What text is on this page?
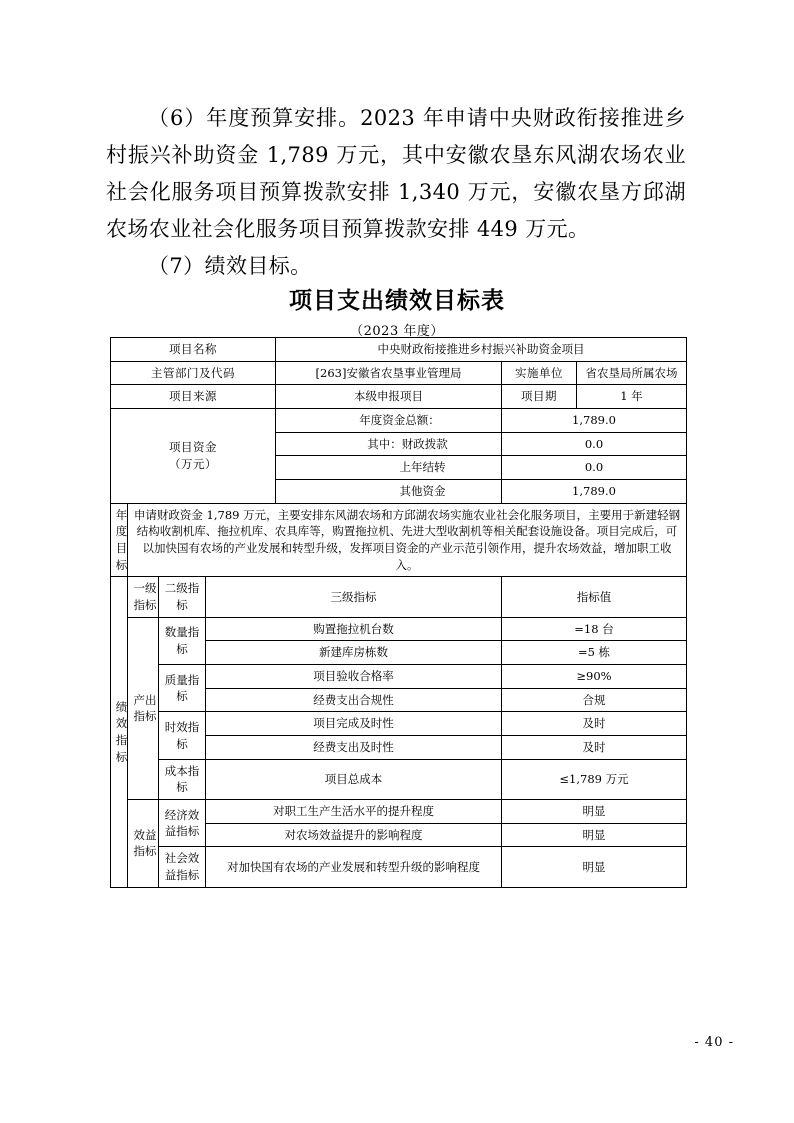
（6）年度预算安排。2023 年申请中央财政衔接推进乡村振兴补助资金 1,789 万元，其中安徽农垦东风湖农场农业社会化服务项目预算拨款安排 1,340 万元，安徽农垦方邱湖农场农业社会化服务项目预算拨款安排 449 万元。

（7）绩效目标。

项目支出绩效目标表
（2023 年度）
项目名称				中央财政衔接推进乡村振兴补助资金项目		
主管部门及代码				[263]安徽省农垦事业管理局	实施单位	省农垦局所属农场
项目来源				本级申报项目	项目期	1 年
项目资金
（万元）				年度资金总额：	1,789.0	
				其中：财政拨款	0.0	
				上年结转	0.0	
				其他资金	1,789.0	

年度目标	申请财政资金 1,789 万元，主要安排东风湖农场和方邱湖农场实施农业社会化服务项目，主要用于新建轻钢结构收割机库、拖拉机库、农具库等，购置拖拉机、先进大型收割机等相关配套设施设备。项目完成后，可以加快国有农场的产业发展和转型升级，发挥项目资金的产业示范引领作用，提升农场效益，增加职工收入。					

绩效指标	一级指标	二级指标	三级指标		指标值	

	产出指标	数量指标	购置拖拉机台数		=18 台	
			新建库房栋数		=5 栋	
		质量指标	项目验收合格率		≥90%	
			经费支出合规性		合规	
		时效指标	项目完成及时性		及时	
			经费支出及时性		及时	
		成本指标	项目总成本		≤1,789 万元	

	效益指标	经济效益指标	对职工生产生活水平的提升程度		明显	
			对农场效益提升的影响程度		明显	
		社会效益指标	对加快国有农场的产业发展和转型升级的影响程度		明显	
- 40 -
